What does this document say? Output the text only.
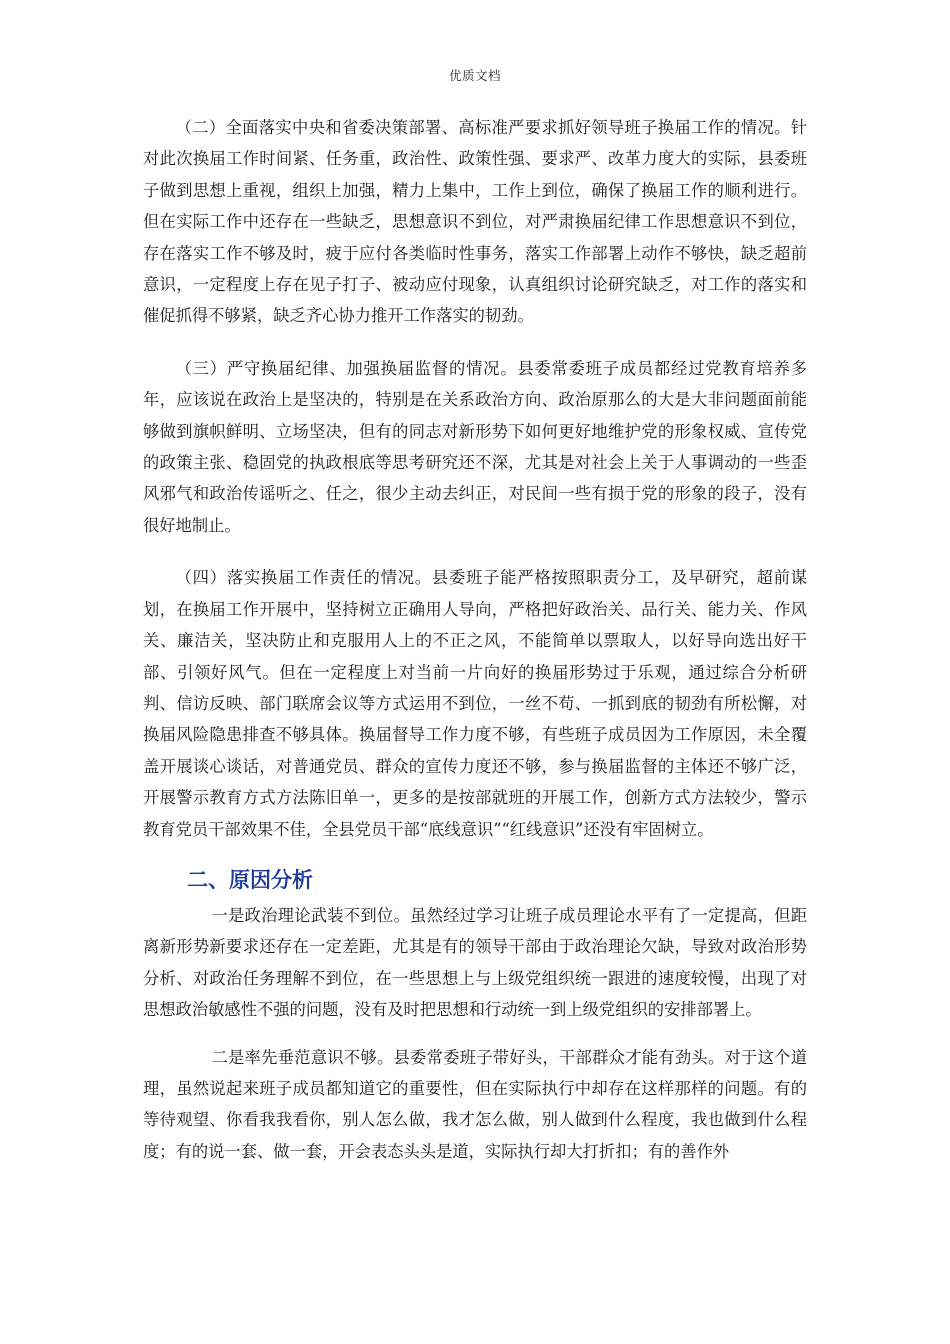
优质文档

（二）全面落实中央和省委决策部署、高标准严要求抓好领导班子换届工作的情况。针对此次换届工作时间紧、任务重，政治性、政策性强、要求严、改革力度大的实际，县委班子做到思想上重视，组织上加强，精力上集中，工作上到位，确保了换届工作的顺利进行。但在实际工作中还存在一些缺乏，思想意识不到位，对严肃换届纪律工作思想意识不到位，存在落实工作不够及时，疲于应付各类临时性事务，落实工作部署上动作不够快，缺乏超前意识，一定程度上存在见子打子、被动应付现象，认真组织讨论研究缺乏，对工作的落实和催促抓得不够紧，缺乏齐心协力推开工作落实的韧劲。

（三）严守换届纪律、加强换届监督的情况。县委常委班子成员都经过党教育培养多年，应该说在政治上是坚决的，特别是在关系政治方向、政治原那么的大是大非问题面前能够做到旗帜鲜明、立场坚决，但有的同志对新形势下如何更好地维护党的形象权威、宣传党的政策主张、稳固党的执政根底等思考研究还不深，尤其是对社会上关于人事调动的一些歪风邪气和政治传谣听之、任之，很少主动去纠正，对民间一些有损于党的形象的段子，没有很好地制止。

（四）落实换届工作责任的情况。县委班子能严格按照职责分工，及早研究，超前谋划，在换届工作开展中，坚持树立正确用人导向，严格把好政治关、品行关、能力关、作风关、廉洁关，坚决防止和克服用人上的不正之风，不能简单以票取人，以好导向选出好干部、引领好风气。但在一定程度上对当前一片向好的换届形势过于乐观，通过综合分析研判、信访反映、部门联席会议等方式运用不到位，一丝不苟、一抓到底的韧劲有所松懈，对换届风险隐患排查不够具体。换届督导工作力度不够，有些班子成员因为工作原因，未全覆盖开展谈心谈话，对普通党员、群众的宣传力度还不够，参与换届监督的主体还不够广泛，开展警示教育方式方法陈旧单一，更多的是按部就班的开展工作，创新方式方法较少，警示教育党员干部效果不佳，全县党员干部“底线意识”“红线意识”还没有牢固树立。

二、原因分析

一是政治理论武装不到位。虽然经过学习让班子成员理论水平有了一定提高，但距离新形势新要求还存在一定差距，尤其是有的领导干部由于政治理论欠缺，导致对政治形势分析、对政治任务理解不到位，在一些思想上与上级党组织统一跟进的速度较慢，出现了对思想政治敏感性不强的问题，没有及时把思想和行动统一到上级党组织的安排部署上。

二是率先垂范意识不够。县委常委班子带好头，干部群众才能有劲头。对于这个道理，虽然说起来班子成员都知道它的重要性，但在实际执行中却存在这样那样的问题。有的等待观望、你看我我看你，别人怎么做，我才怎么做，别人做到什么程度，我也做到什么程度；有的说一套、做一套，开会表态头头是道，实际执行却大打折扣；有的善作外
